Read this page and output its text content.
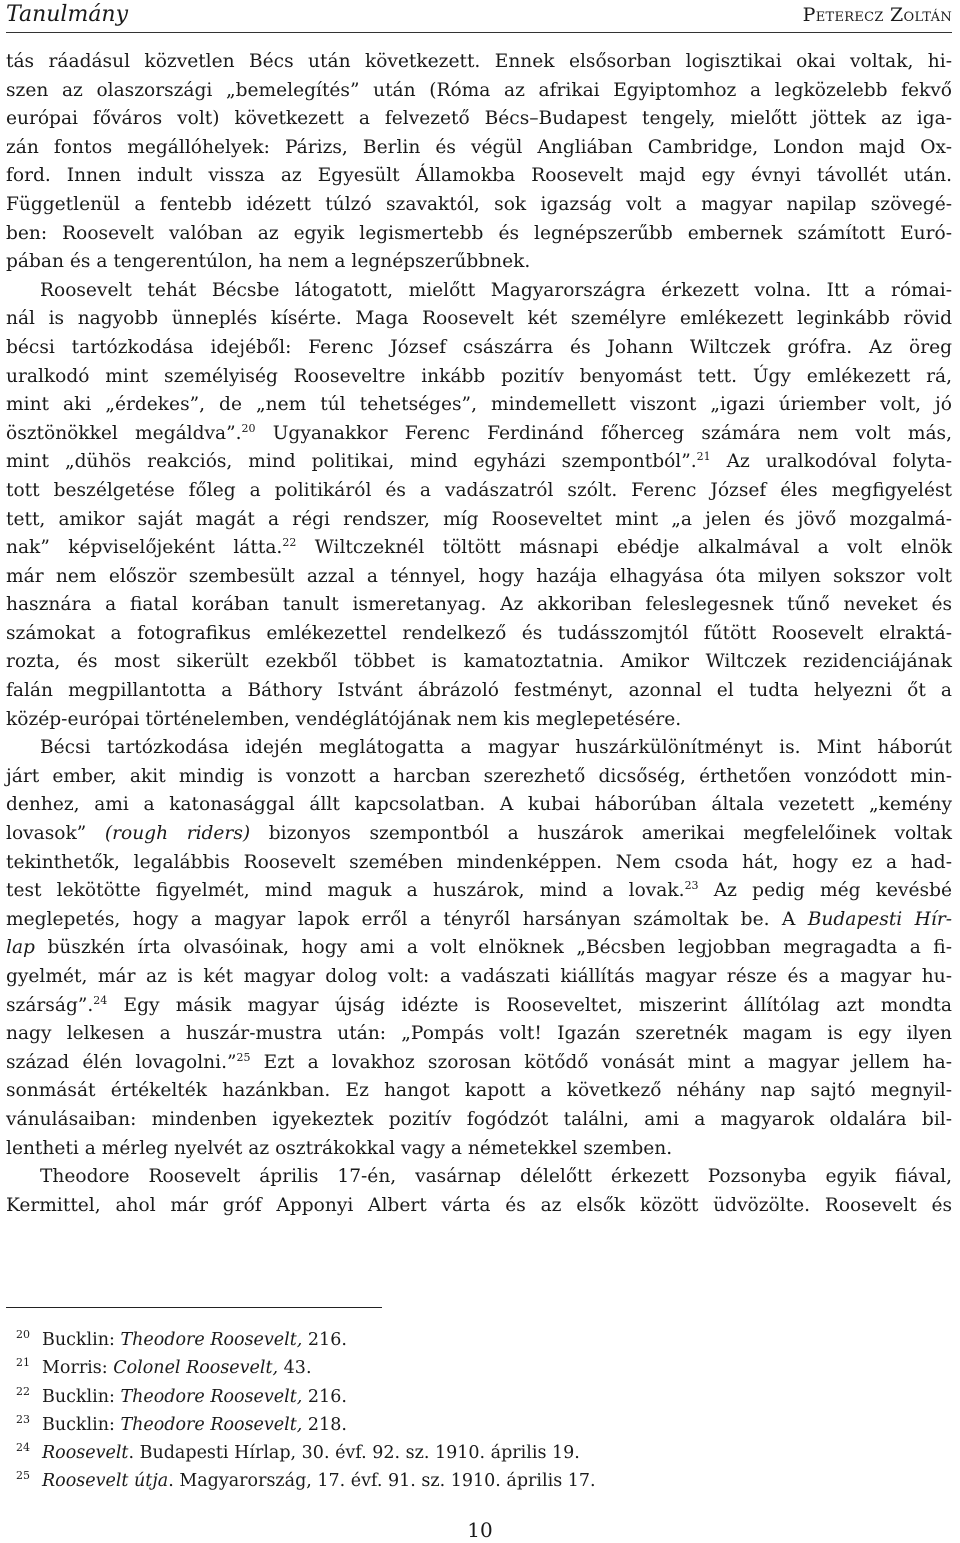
Tanulmány	Peterecz Zoltán

tás ráadásul közvetlen Bécs után következett. Ennek elsősorban logisztikai okai voltak, hi-
szen az olaszországi „bemelegítés” után (Róma az afrikai Egyiptomhoz a legközelebb fekvő
európai főváros volt) következett a felvezető Bécs–Budapest tengely, mielőtt jöttek az iga-
zán fontos megállóhelyek: Párizs, Berlin és végül Angliában Cambridge, London majd Ox-
ford. Innen indult vissza az Egyesült Államokba Roosevelt majd egy évnyi távollét után.
Függetlenül a fentebb idézett túlzó szavaktól, sok igazság volt a magyar napilap szövegé-
ben: Roosevelt valóban az egyik legismertebb és legnépszerűbb embernek számított Euró-
pában és a tengerentúlon, ha nem a legnépszerűbbnek.

Roosevelt tehát Bécsbe látogatott, mielőtt Magyarországra érkezett volna. Itt a római-
nál is nagyobb ünneplés kísérte. Maga Roosevelt két személyre emlékezett leginkább rövid
bécsi tartózkodása idejéből: Ferenc József császárra és Johann Wiltczek grófra. Az öreg
uralkodó mint személyiség Rooseveltre inkább pozitív benyomást tett. Úgy emlékezett rá,
mint aki „érdekes”, de „nem túl tehetséges”, mindemellett viszont „igazi úriember volt, jó
ösztönökkel megáldva”.$^{20}$ Ugyanakkor Ferenc Ferdinánd főherceg számára nem volt más,
mint „dühös reakciós, mind politikai, mind egyházi szempontból”.$^{21}$ Az uralkodóval folyta-
tott beszélgetése főleg a politikáról és a vadászatról szólt. Ferenc József éles megfigyelést
tett, amikor saját magát a régi rendszer, míg Rooseveltet mint „a jelen és jövő mozgalmá-
nak” képviselőjeként látta.$^{22}$ Wiltczeknél töltött másnapi ebédje alkalmával a volt elnök
már nem először szembesült azzal a ténnyel, hogy hazája elhagyása óta milyen sokszor volt
hasznára a fiatal korában tanult ismeretanyag. Az akkoriban feleslegesnek tűnő neveket és
számokat a fotografikus emlékezettel rendelkező és tudásszomjtól fűtött Roosevelt elraktá-
rozta, és most sikerült ezekből többet is kamatoztatnia. Amikor Wiltczek rezidenciájának
falán megpillantotta a Báthory Istvánt ábrázoló festményt, azonnal el tudta helyezni őt a
közép-európai történelemben, vendéglátójának nem kis meglepetésére.

Bécsi tartózkodása idején meglátogatta a magyar huszárkülönítményt is. Mint háborút
járt ember, akit mindig is vonzott a harcban szerezhető dicsőség, érthetően vonzódott min-
denhez, ami a katonasággal állt kapcsolatban. A kubai háborúban általa vezetett „kemény
lovasok” (rough riders) bizonyos szempontból a huszárok amerikai megfelelőinek voltak
tekinthetők, legalábbis Roosevelt szemében mindenképpen. Nem csoda hát, hogy ez a had-
test lekötötte figyelmét, mind maguk a huszárok, mind a lovak.$^{23}$ Az pedig még kevésbé
meglepetés, hogy a magyar lapok erről a tényről harsányan számoltak be. A Budapesti Hír-
lap büszkén írta olvasóinak, hogy ami a volt elnöknek „Bécsben legjobban megragadta a fi-
gyelmét, már az is két magyar dolog volt: a vadászati kiállítás magyar része és a magyar hu-
szárság”.$^{24}$ Egy másik magyar újság idézte is Rooseveltet, miszerint állítólag azt mondta
nagy lelkesen a huszár-mustra után: „Pompás volt! Igazán szeretnék magam is egy ilyen
század élén lovagolni.”$^{25}$ Ezt a lovakhoz szorosan kötődő vonását mint a magyar jellem ha-
sonmását értékelték hazánkban. Ez hangot kapott a következő néhány nap sajtó megnyil-
vánulásaiban: mindenben igyekeztek pozitív fogódzót találni, ami a magyarok oldalára bil-
lentheti a mérleg nyelvét az osztrákokkal vagy a németekkel szemben.

Theodore Roosevelt április 17-én, vasárnap délelőtt érkezett Pozsonyba egyik fiával,
Kermittel, ahol már gróf Apponyi Albert várta és az elsők között üdvözölte. Roosevelt és

20 Bucklin: Theodore Roosevelt, 216.
21 Morris: Colonel Roosevelt, 43.
22 Bucklin: Theodore Roosevelt, 216.
23 Bucklin: Theodore Roosevelt, 218.
24 Roosevelt. Budapesti Hírlap, 30. évf. 92. sz. 1910. április 19.
25 Roosevelt útja. Magyarország, 17. évf. 91. sz. 1910. április 17.
10
